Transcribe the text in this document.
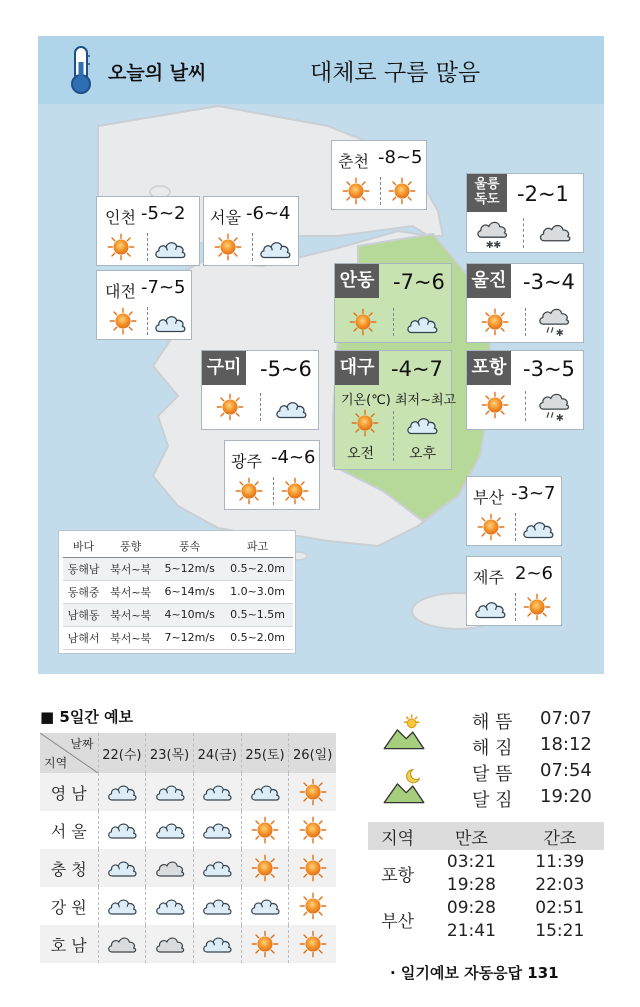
오늘의 날씨	대체로 구름 많음
인천 -5~2 서울 -6~4
춘천 -8~5
울릉
독도 -2~1
대전 -7~5	안동 -7~6 울진 -3~4
구미 -5~6 대구 -4~7
기온(℃) 최저~최고
오전 오후
포항 -3~5
광주 -4~6
부산 -3~7
제주 2~6
바다	풍향	풍속	파고
동해남	북서~북	5~12m/s	0.5~2.0m
동해중	북서~북	6~14m/s	1.0~3.0m
남해동	북서~북	4~10m/s	0.5~1.5m
남해서	북서~북	7~12m/s	0.5~2.0m
■ 5일간 예보
날짜
지역	22(수)	23(목)	24(금)	25(토)	26(일)
영 남	

서 울	

충 청	

강 원	

호 남	

해 뜸 07:07
해 짐 18:12
달 뜸 07:54
달 짐 19:20
지역	만조	간조
포항	03:21	11:39
	19:28	22:03
부산	09:28	02:51
	21:41	15:21
· 일기예보 자동응답 131
